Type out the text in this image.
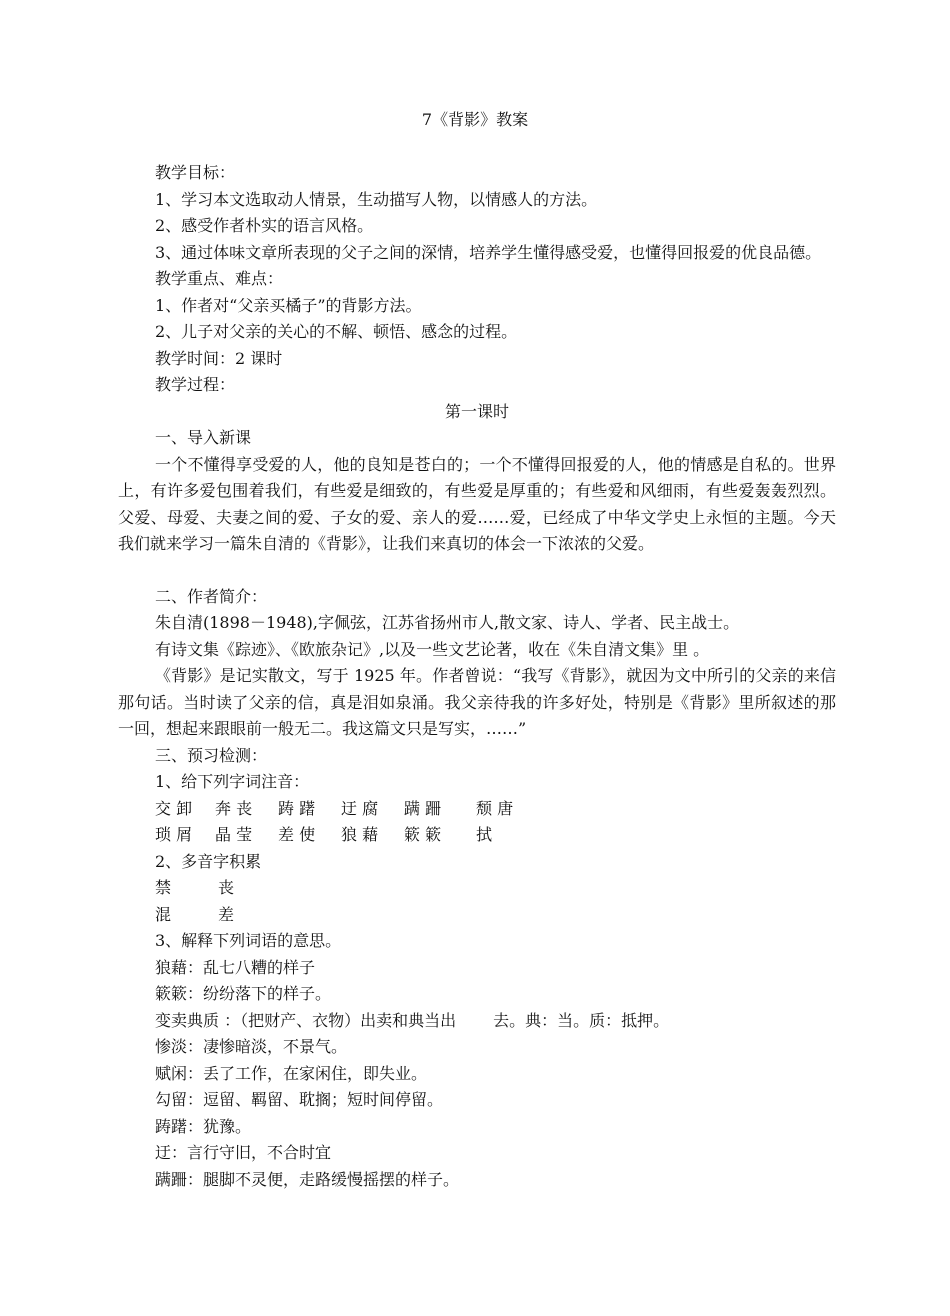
7《背影》教案

教学目标：

1、学习本文选取动人情景，生动描写人物，以情感人的方法。

2、感受作者朴实的语言风格。

3、通过体味文章所表现的父子之间的深情，培养学生懂得感受爱，也懂得回报爱的优良品德。

教学重点、难点：

1、作者对“父亲买橘子”的背影方法。

2、儿子对父亲的关心的不解、顿悟、感念的过程。

教学时间：2 课时

教学过程：

第一课时

一、导入新课

一个不懂得享受爱的人，他的良知是苍白的；一个不懂得回报爱的人，他的情感是自私的。世界上，有许多爱包围着我们，有些爱是细致的，有些爱是厚重的；有些爱和风细雨，有些爱轰轰烈烈。父爱、母爱、夫妻之间的爱、子女的爱、亲人的爱……爱，已经成了中华文学史上永恒的主题。今天我们就来学习一篇朱自清的《背影》，让我们来真切的体会一下浓浓的父爱。

二、作者简介：

朱自清(1898－1948),字佩弦，江苏省扬州市人,散文家、诗人、学者、民主战士。

有诗文集《踪迹》、《欧旅杂记》,以及一些文艺论著，收在《朱自清文集》里 。

《背影》是记实散文，写于 1925 年。作者曾说：“我写《背影》，就因为文中所引的父亲的来信那句话。当时读了父亲的信，真是泪如泉涌。我父亲待我的许多好处，特别是《背影》里所叙述的那一回，想起来跟眼前一般无二。我这篇文只是写实，……”

三、预习检测：

1、给下列字词注音：

交 卸	奔 丧	踌 躇	迂 腐	蹒 跚	颓 唐
琐 屑	晶 莹	差 使	狼 藉	簌 簌	拭

2、多音字积累

禁	丧
混	差

3、解释下列词语的意思。

狼藉：乱七八糟的样子

簌簌：纷纷落下的样子。

变卖典质 ：（把财产、衣物）出卖和典当出 　　去。典：当。质：抵押。

惨淡：凄惨暗淡，不景气。

赋闲：丢了工作，在家闲住，即失业。

勾留：逗留、羁留、耽搁；短时间停留。

踌躇：犹豫。

迂：言行守旧，不合时宜

蹒跚：腿脚不灵便，走路缓慢摇摆的样子。
